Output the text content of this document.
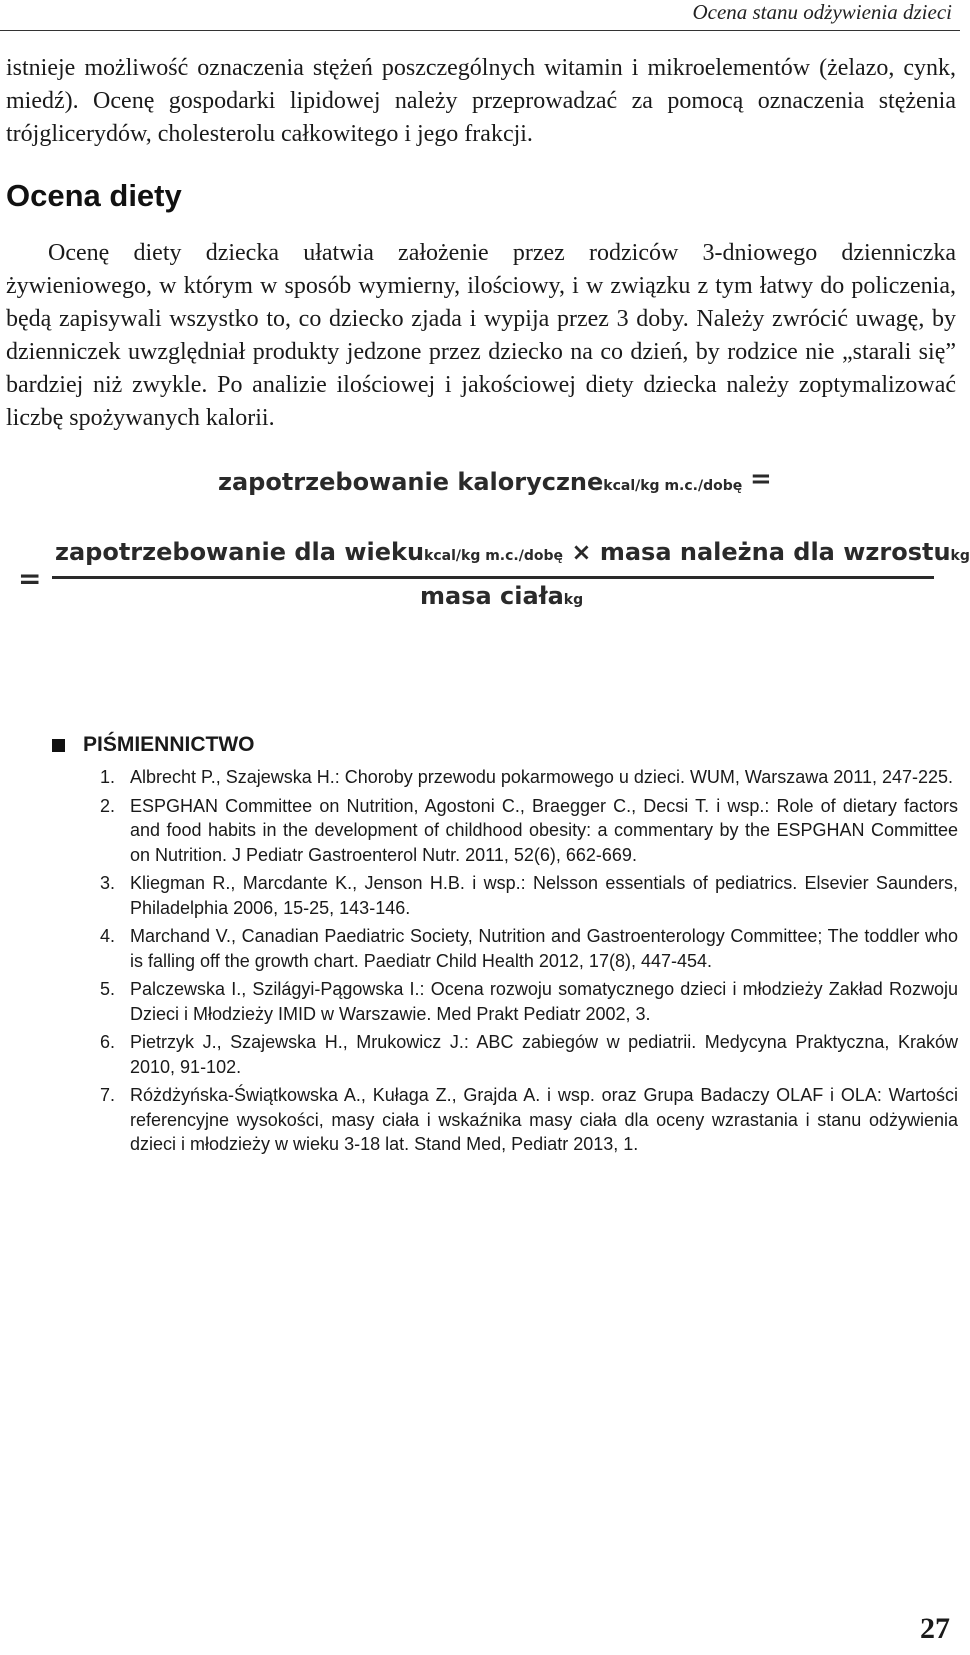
Ocena stanu odżywienia dzieci
istnieje możliwość oznaczenia stężeń poszczególnych witamin i mikroelementów (żelazo, cynk, miedź). Ocenę gospodarki lipidowej należy przeprowadzać za pomocą oznaczenia stężenia trójglicerydów, cholesterolu całkowitego i jego frakcji.
Ocena diety
Ocenę diety dziecka ułatwia założenie przez rodziców 3-dniowego dzienniczka żywieniowego, w którym w sposób wymierny, ilościowy, i w związku z tym łatwy do policzenia, będą zapisywali wszystko to, co dziecko zjada i wypija przez 3 doby. Należy zwrócić uwagę, by dzienniczek uwzględniał produkty jedzone przez dziecko na co dzień, by rodzice nie „starali się” bardziej niż zwykle. Po analizie ilościowej i jakościowej diety dziecka należy zoptymalizować liczbę spożywanych kalorii.
zapotrzebowanie kalorycznekcal/kg m.c./dobę =
=
zapotrzebowanie dla wiekukcal/kg m.c./dobę × masa należna dla wzrostukg
masa ciałakg
PIŚMIENNICTWO
1. Albrecht P., Szajewska H.: Choroby przewodu pokarmowego u dzieci. WUM, Warszawa 2011, 247-225.
2. ESPGHAN Committee on Nutrition, Agostoni C., Braegger C., Decsi T. i wsp.: Role of dietary factors and food habits in the development of childhood obesity: a commentary by the ESPGHAN Committee on Nutrition. J Pediatr Gastroenterol Nutr. 2011, 52(6), 662-669.
3. Kliegman R., Marcdante K., Jenson H.B. i wsp.: Nelsson essentials of pediatrics. Elsevier Saunders, Philadelphia 2006, 15-25, 143-146.
4. Marchand V., Canadian Paediatric Society, Nutrition and Gastroenterology Committee; The toddler who is falling off the growth chart. Paediatr Child Health 2012, 17(8), 447-454.
5. Palczewska I., Szilágyi-Pągowska I.: Ocena rozwoju somatycznego dzieci i młodzieży Zakład Rozwoju Dzieci i Młodzieży IMID w Warszawie. Med Prakt Pediatr 2002, 3.
6. Pietrzyk J., Szajewska H., Mrukowicz J.: ABC zabiegów w pediatrii. Medycyna Praktyczna, Kraków 2010, 91-102.
7. Różdżyńska-Świątkowska A., Kułaga Z., Grajda A. i wsp. oraz Grupa Badaczy OLAF i OLA: Wartości referencyjne wysokości, masy ciała i wskaźnika masy ciała dla oceny wzrastania i stanu odżywienia dzieci i młodzieży w wieku 3-18 lat. Stand Med, Pediatr 2013, 1.
27
